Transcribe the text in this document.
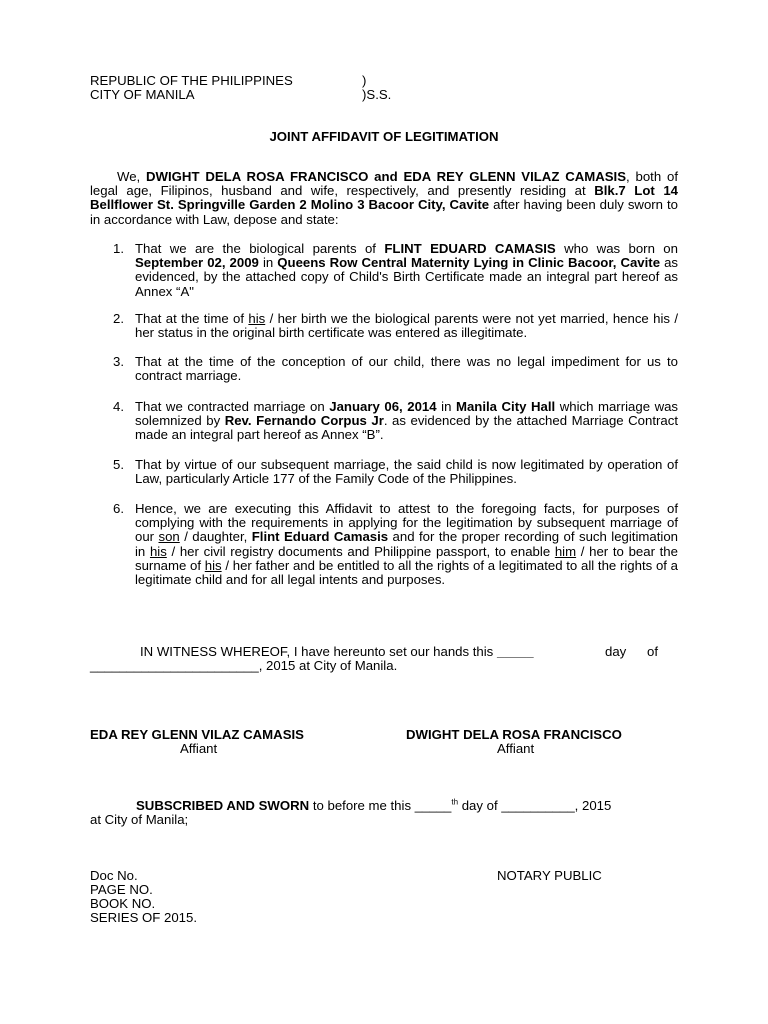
REPUBLIC OF THE PHILIPPINES	)
CITY OF MANILA	)S.S.
JOINT AFFIDAVIT OF LEGITIMATION
We, DWIGHT DELA ROSA FRANCISCO and EDA REY GLENN VILAZ CAMASIS, both of legal age, Filipinos, husband and wife, respectively, and presently residing at Blk.7 Lot 14 Bellflower St. Springville Garden 2 Molino 3 Bacoor City, Cavite after having been duly sworn to in accordance with Law, depose and state:
1. That we are the biological parents of FLINT EDUARD CAMASIS who was born on September 02, 2009 in Queens Row Central Maternity Lying in Clinic Bacoor, Cavite as evidenced, by the attached copy of Child's Birth Certificate made an integral part hereof as Annex “A"
2. That at the time of his / her birth we the biological parents were not yet married, hence his / her status in the original birth certificate was entered as illegitimate.
3. That at the time of the conception of our child, there was no legal impediment for us to contract marriage.
4. That we contracted marriage on January 06, 2014 in Manila City Hall which marriage was solemnized by Rev. Fernando Corpus Jr. as evidenced by the attached Marriage Contract made an integral part hereof as Annex “B”.
5. That by virtue of our subsequent marriage, the said child is now legitimated by operation of Law, particularly Article 177 of the Family Code of the Philippines.
6. Hence, we are executing this Affidavit to attest to the foregoing facts, for purposes of complying with the requirements in applying for the legitimation by subsequent marriage of our son / daughter, Flint Eduard Camasis and for the proper recording of such legitimation in his / her civil registry documents and Philippine passport, to enable him / her to bear the surname of his / her father and be entitled to all the rights of a legitimated to all the rights of a legitimate child and for all legal intents and purposes.
IN WITNESS WHEREOF, I have hereunto set our hands this _____	day of
_______________________, 2015 at City of Manila.
EDA REY GLENN VILAZ CAMASIS
Affiant
DWIGHT DELA ROSA FRANCISCO
Affiant
SUBSCRIBED AND SWORN to before me this _____$^{th}$ day of __________, 2015
at City of Manila;
Doc No.
PAGE NO.
BOOK NO.
SERIES OF 2015.
NOTARY PUBLIC
